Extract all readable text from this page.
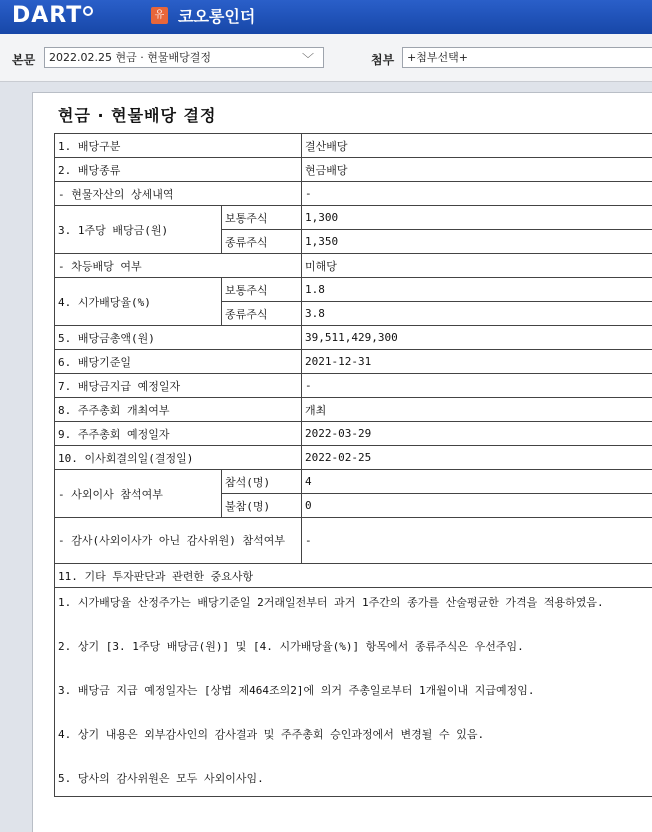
DART	유 코오롱인더
본문	2022.02.25 현금 · 현물배당결정	﹀	첨부	+첨부선택+
현금 · 현물배당 결정
1. 배당구분		결산배당
2. 배당종류		현금배당
- 현물자산의 상세내역		-
3. 1주당 배당금(원)	보통주식	1,300
	종류주식	1,350
- 차등배당 여부		미해당
4. 시가배당율(%)	보통주식	1.8
	종류주식	3.8
5. 배당금총액(원)		39,511,429,300
6. 배당기준일		2021-12-31
7. 배당금지급 예정일자		-
8. 주주총회 개최여부		개최
9. 주주총회 예정일자		2022-03-29
10. 이사회결의일(결정일)		2022-02-25
- 사외이사 참석여부	참석(명)	4
	불참(명)	0
- 감사(사외이사가 아닌 감사위원) 참석여부		-
11. 기타 투자판단과 관련한 중요사항		

1. 시가배당율 산정주가는 배당기준일 2거래일전부터 과거 1주간의 종가를 산술평균한 가격을 적용하였음.

2. 상기 [3. 1주당 배당금(원)] 및 [4. 시가배당율(%)] 항목에서 종류주식은 우선주임.

3. 배당금 지급 예정일자는 [상법 제464조의2]에 의거 주총일로부터 1개월이내 지급예정임.

4. 상기 내용은 외부감사인의 감사결과 및 주주총회 승인과정에서 변경될 수 있음.

5. 당사의 감사위원은 모두 사외이사임.		
